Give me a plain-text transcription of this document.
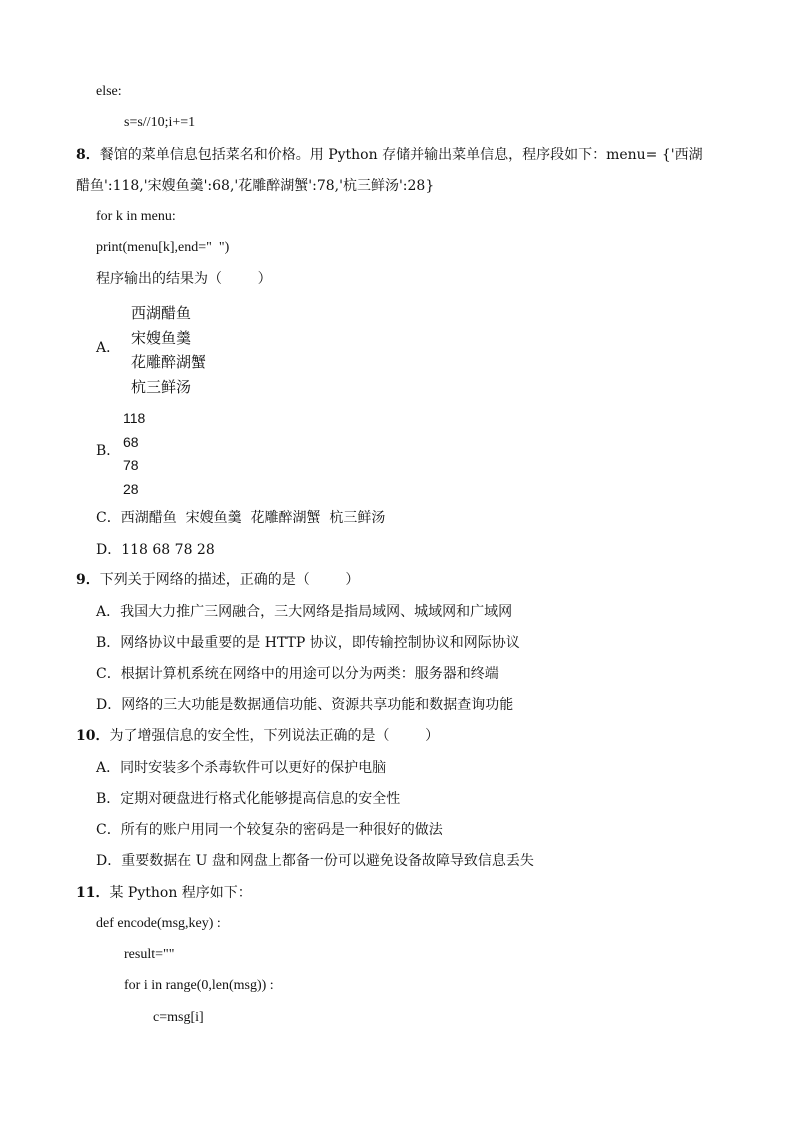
else:
s=s//10;i+=1
8．餐馆的菜单信息包括菜名和价格。用 Python 存储并输出菜单信息，程序段如下：menu= {'西湖
醋鱼':118,'宋嫂鱼羹':68,'花雕醉湖蟹':78,'杭三鲜汤':28}
for k in menu:
print(menu[k],end="  ")
程序输出的结果为（        ）
A．
西湖醋鱼
宋嫂鱼羹
花雕醉湖蟹
杭三鲜汤
B．
118
68
78
28
C．西湖醋鱼  宋嫂鱼羹  花雕醉湖蟹  杭三鲜汤
D．118 68 78 28
9．下列关于网络的描述，正确的是（        ）
A．我国大力推广三网融合，三大网络是指局域网、城域网和广域网
B．网络协议中最重要的是 HTTP 协议，即传输控制协议和网际协议
C．根据计算机系统在网络中的用途可以分为两类：服务器和终端
D．网络的三大功能是数据通信功能、资源共享功能和数据查询功能
10．为了增强信息的安全性，下列说法正确的是（        ）
A．同时安装多个杀毒软件可以更好的保护电脑
B．定期对硬盘进行格式化能够提高信息的安全性
C．所有的账户用同一个较复杂的密码是一种很好的做法
D．重要数据在 U 盘和网盘上都备一份可以避免设备故障导致信息丢失
11．某 Python 程序如下：
def encode(msg,key) :
result=""
for i in range(0,len(msg)) :
c=msg[i]
